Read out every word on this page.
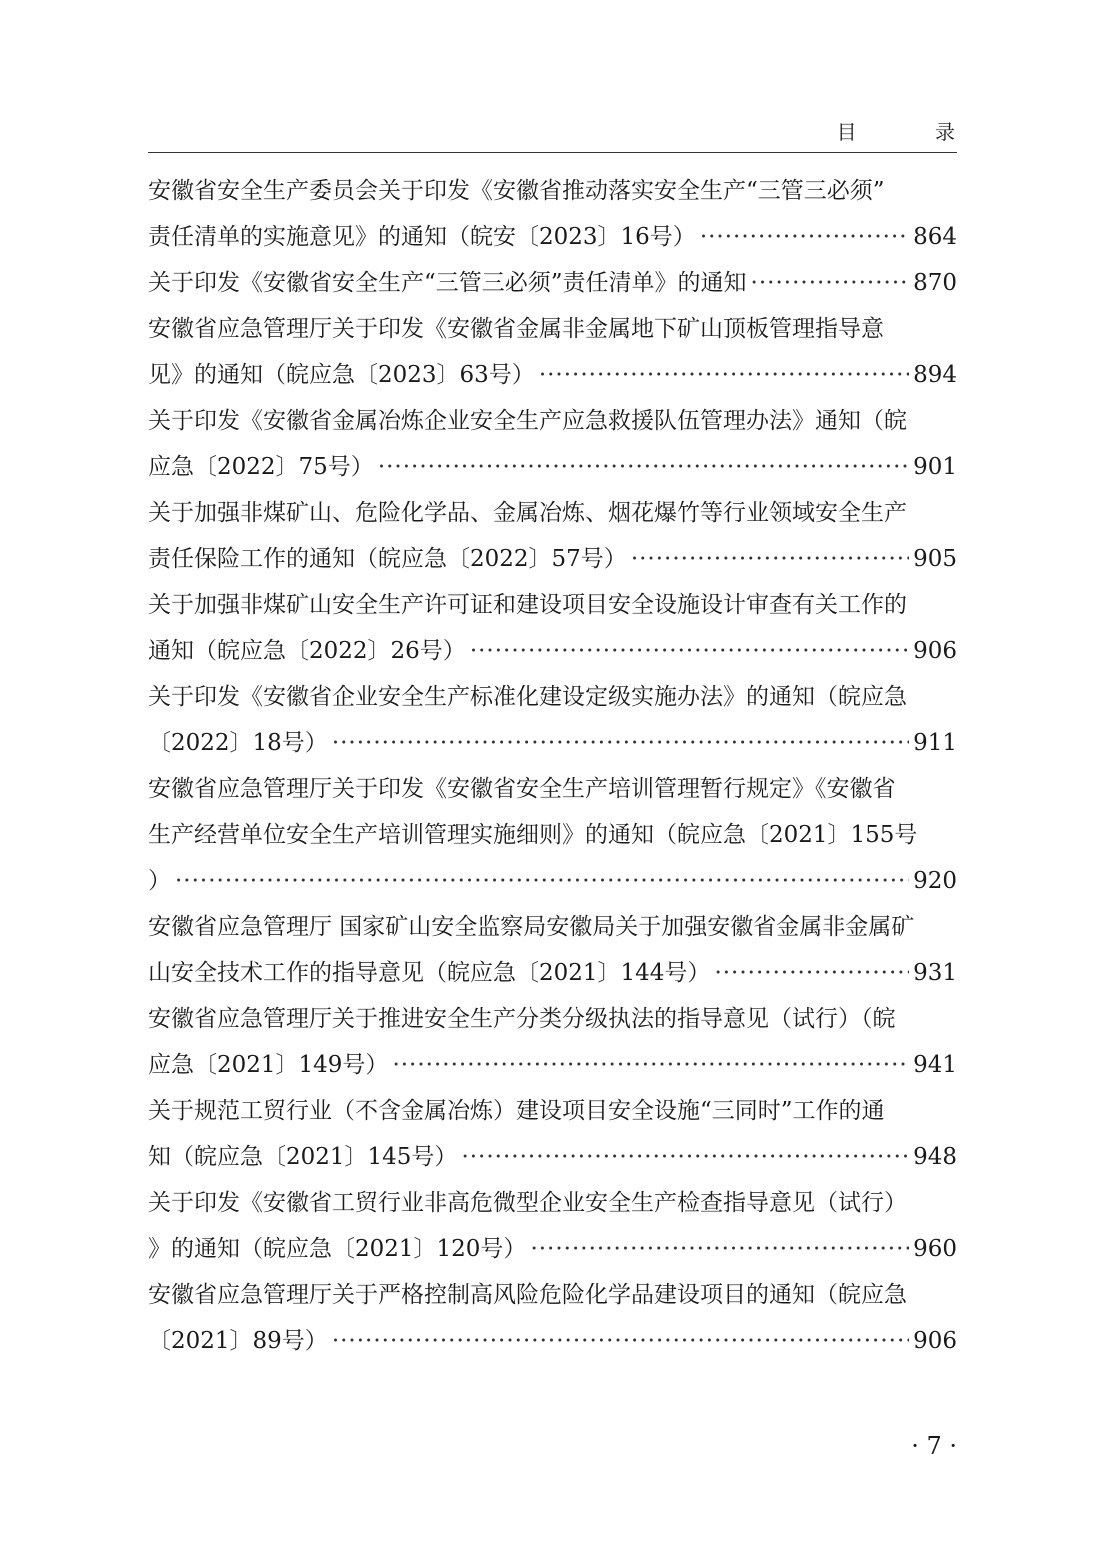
目 录
安徽省安全生产委员会关于印发《安徽省推动落实安全生产“三管三必须”
责任清单的实施意见》的通知（皖安〔2023〕16号） ·····	864
关于印发《安徽省安全生产“三管三必须”责任清单》的通知 ·····	870
安徽省应急管理厅关于印发《安徽省金属非金属地下矿山顶板管理指导意
见》的通知（皖应急〔2023〕63号） ·····	894
关于印发《安徽省金属冶炼企业安全生产应急救援队伍管理办法》通知（皖
应急〔2022〕75号） ·····	901
关于加强非煤矿山、危险化学品、金属冶炼、烟花爆竹等行业领域安全生产
责任保险工作的通知（皖应急〔2022〕57号） ·····	905
关于加强非煤矿山安全生产许可证和建设项目安全设施设计审查有关工作的
通知（皖应急〔2022〕26号） ·····	906
关于印发《安徽省企业安全生产标准化建设定级实施办法》的通知（皖应急
〔2022〕18号） ·····	911
安徽省应急管理厅关于印发《安徽省安全生产培训管理暂行规定》《安徽省
生产经营单位安全生产培训管理实施细则》的通知（皖应急〔2021〕155号
） ·····	920
安徽省应急管理厅 国家矿山安全监察局安徽局关于加强安徽省金属非金属矿
山安全技术工作的指导意见（皖应急〔2021〕144号） ·····	931
安徽省应急管理厅关于推进安全生产分类分级执法的指导意见（试行）（皖
应急〔2021〕149号） ·····	941
关于规范工贸行业（不含金属冶炼）建设项目安全设施“三同时”工作的通
知（皖应急〔2021〕145号） ·····	948
关于印发《安徽省工贸行业非高危微型企业安全生产检查指导意见（试行）
》的通知（皖应急〔2021〕120号） ·····	960
安徽省应急管理厅关于严格控制高风险危险化学品建设项目的通知（皖应急
〔2021〕89号） ·····	906
· 7 ·
